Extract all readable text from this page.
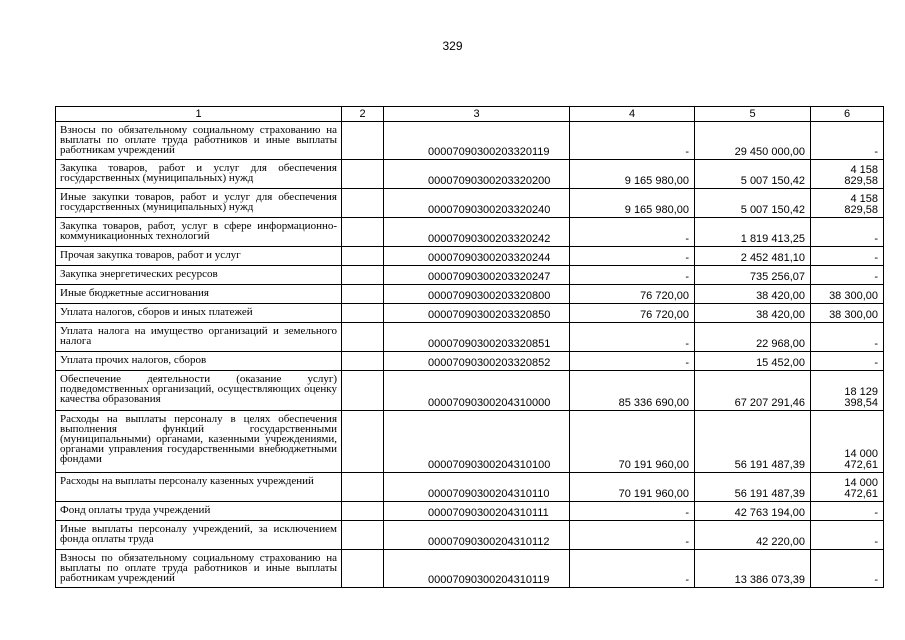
329
1	2	3	4	5	6
Взносы по обязательному социальному страхованию на выплаты по оплате труда работников и иные выплаты работникам учреждений		00007090300203320119	-	29 450 000,00	-
Закупка товаров, работ и услуг для обеспечения государственных (муниципальных) нужд		00007090300203320200	9 165 980,00	5 007 150,42	4 158 829,58
Иные закупки товаров, работ и услуг для обеспечения государственных (муниципальных) нужд		00007090300203320240	9 165 980,00	5 007 150,42	4 158 829,58
Закупка товаров, работ, услуг в сфере информационно-коммуникационных технологий		00007090300203320242	-	1 819 413,25	-
Прочая закупка товаров, работ и услуг		00007090300203320244	-	2 452 481,10	-
Закупка энергетических ресурсов		00007090300203320247	-	735 256,07	-
Иные бюджетные ассигнования		00007090300203320800	76 720,00	38 420,00	38 300,00
Уплата налогов, сборов и иных платежей		00007090300203320850	76 720,00	38 420,00	38 300,00
Уплата налога на имущество организаций и земельного налога		00007090300203320851	-	22 968,00	-
Уплата прочих налогов, сборов		00007090300203320852	-	15 452,00	-
Обеспечение деятельности (оказание услуг) подведомственных организаций, осуществляющих оценку качества образования		00007090300204310000	85 336 690,00	67 207 291,46	18 129 398,54
Расходы на выплаты персоналу в целях обеспечения выполнения функций государственными (муниципальными) органами, казенными учреждениями, органами управления государственными внебюджетными фондами		00007090300204310100	70 191 960,00	56 191 487,39	14 000 472,61
Расходы на выплаты персоналу казенных учреждений		00007090300204310110	70 191 960,00	56 191 487,39	14 000 472,61
Фонд оплаты труда учреждений		00007090300204310111	-	42 763 194,00	-
Иные выплаты персоналу учреждений, за исключением фонда оплаты труда		00007090300204310112	-	42 220,00	-
Взносы по обязательному социальному страхованию на выплаты по оплате труда работников и иные выплаты работникам учреждений		00007090300204310119	-	13 386 073,39	-
